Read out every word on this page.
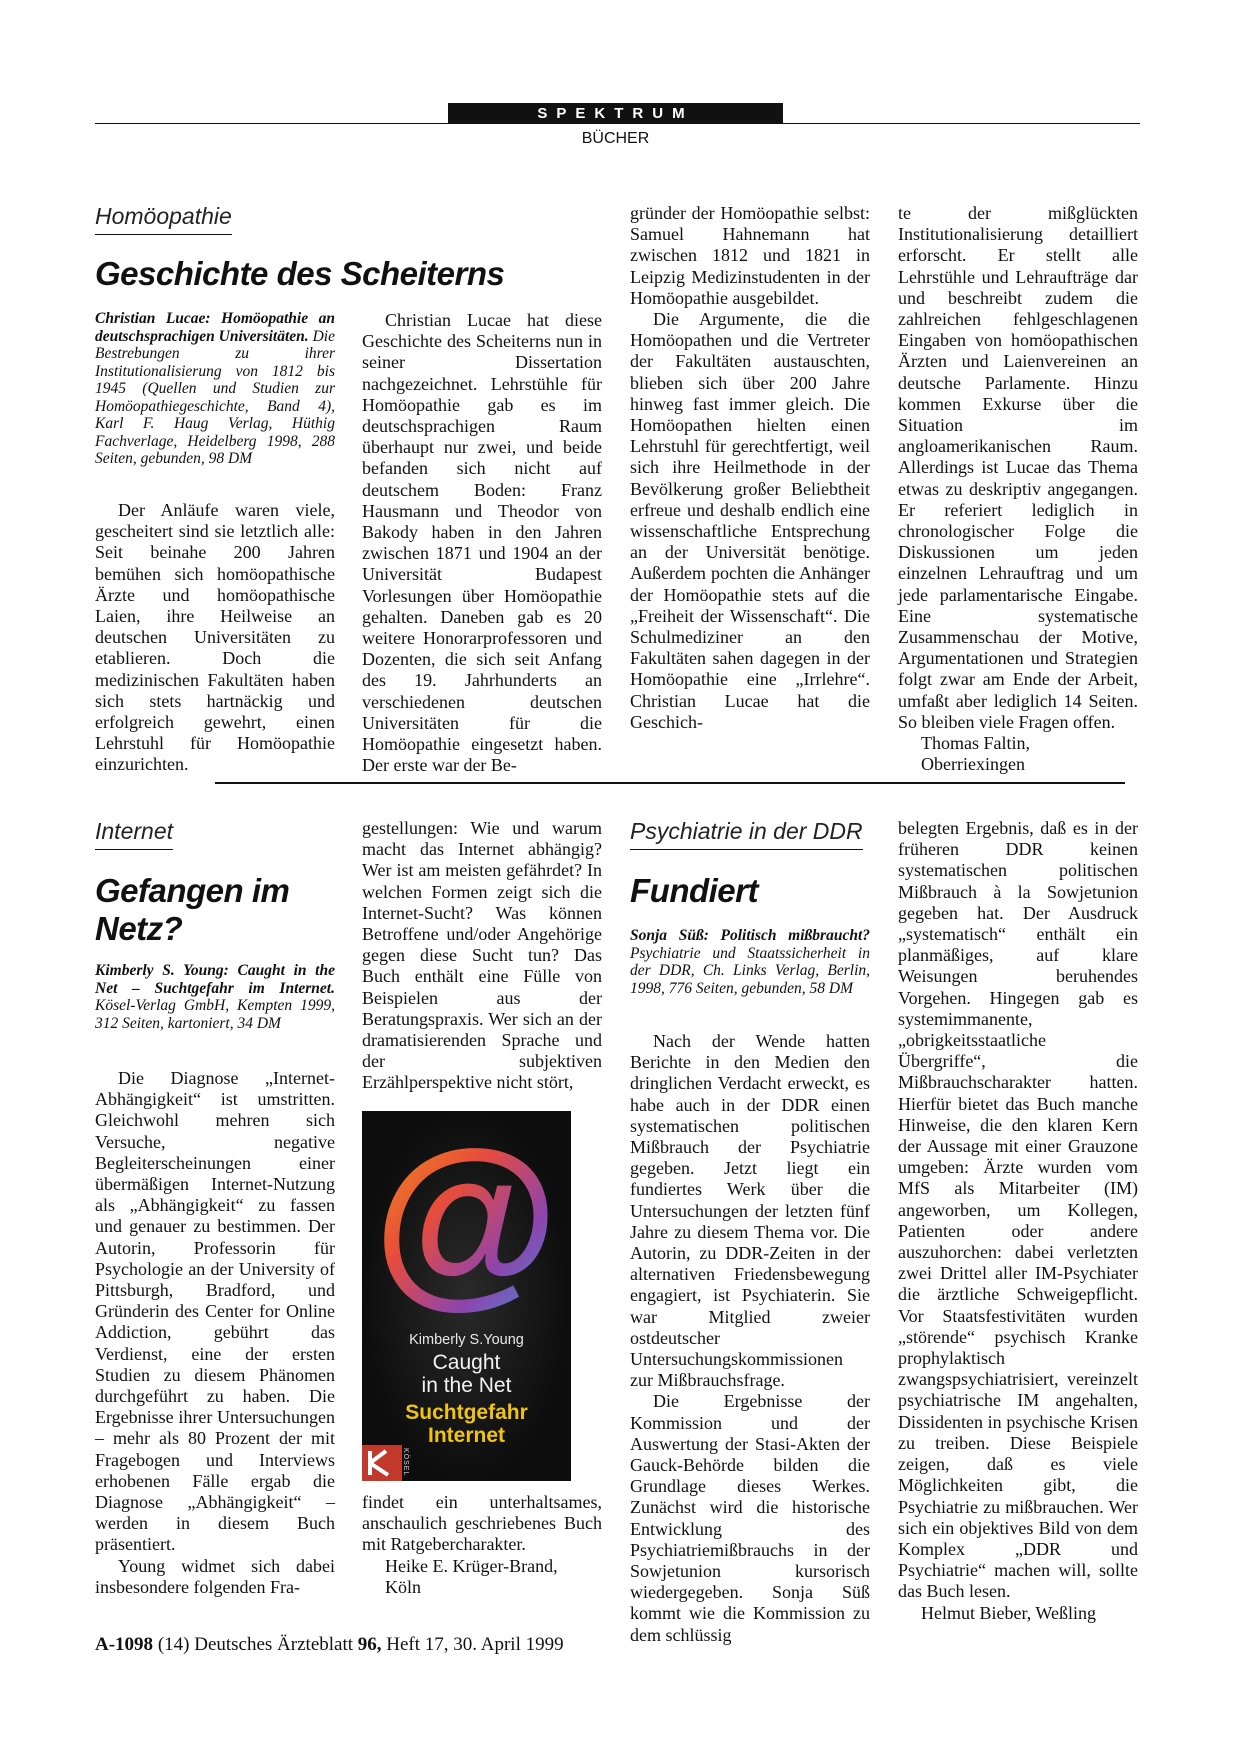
SPEKTRUM
BÜCHER
Homöopathie
Geschichte des Scheiterns
Christian Lucae: Homöopathie an deutschsprachigen Universitäten. Die Bestrebungen zu ihrer Institutionalisierung von 1812 bis 1945 (Quellen und Studien zur Homöopathiegeschichte, Band 4), Karl F. Haug Verlag, Hüthig Fachverlage, Heidelberg 1998, 288 Seiten, gebunden, 98 DM

Der Anläufe waren viele, gescheitert sind sie letztlich alle: Seit beinahe 200 Jahren bemühen sich homöopathische Ärzte und homöopathische Laien, ihre Heilweise an deutschen Universitäten zu etablieren. Doch die medizinischen Fakultäten haben sich stets hartnäckig und erfolgreich gewehrt, einen Lehrstuhl für Homöopathie einzurichten.

Christian Lucae hat diese Geschichte des Scheiterns nun in seiner Dissertation nachgezeichnet. Lehrstühle für Homöopathie gab es im deutschsprachigen Raum überhaupt nur zwei, und beide befanden sich nicht auf deutschem Boden: Franz Hausmann und Theodor von Bakody haben in den Jahren zwischen 1871 und 1904 an der Universität Budapest Vorlesungen über Homöopathie gehalten. Daneben gab es 20 weitere Honorarprofessoren und Dozenten, die sich seit Anfang des 19. Jahrhunderts an verschiedenen deutschen Universitäten für die Homöopathie eingesetzt haben. Der erste war der Be-

gründer der Homöopathie selbst: Samuel Hahnemann hat zwischen 1812 und 1821 in Leipzig Medizinstudenten in der Homöopathie ausgebildet.

Die Argumente, die die Homöopathen und die Vertreter der Fakultäten austauschten, blieben sich über 200 Jahre hinweg fast immer gleich. Die Homöopathen hielten einen Lehrstuhl für gerechtfertigt, weil sich ihre Heilmethode in der Bevölkerung großer Beliebtheit erfreue und deshalb endlich eine wissenschaftliche Entsprechung an der Universität benötige. Außerdem pochten die Anhänger der Homöopathie stets auf die „Freiheit der Wissenschaft“. Die Schulmediziner an den Fakultäten sahen dagegen in der Homöopathie eine „Irrlehre“. Christian Lucae hat die Geschich-

te der mißglückten Institutionalisierung detailliert erforscht. Er stellt alle Lehrstühle und Lehraufträge dar und beschreibt zudem die zahlreichen fehlgeschlagenen Eingaben von homöopathischen Ärzten und Laienvereinen an deutsche Parlamente. Hinzu kommen Exkurse über die Situation im angloamerikanischen Raum. Allerdings ist Lucae das Thema etwas zu deskriptiv angegangen. Er referiert lediglich in chronologischer Folge die Diskussionen um jeden einzelnen Lehrauftrag und um jede parlamentarische Eingabe. Eine systematische Zusammenschau der Motive, Argumentationen und Strategien folgt zwar am Ende der Arbeit, umfaßt aber lediglich 14 Seiten. So bleiben viele Fragen offen.

Thomas Faltin,

Oberriexingen

Internet
Gefangen im
Netz?
Kimberly S. Young: Caught in the Net – Suchtgefahr im Internet. Kösel-Verlag GmbH, Kempten 1999, 312 Seiten, kartoniert, 34 DM

Die Diagnose „Internet-Abhängigkeit“ ist umstritten. Gleichwohl mehren sich Versuche, negative Begleiterscheinungen einer übermäßigen Internet-Nutzung als „Abhängigkeit“ zu fassen und genauer zu bestimmen. Der Autorin, Professorin für Psychologie an der University of Pittsburgh, Bradford, und Gründerin des Center for Online Addiction, gebührt das Verdienst, eine der ersten Studien zu diesem Phänomen durchgeführt zu haben. Die Ergebnisse ihrer Untersuchungen – mehr als 80 Prozent der mit Fragebogen und Interviews erhobenen Fälle ergab die Diagnose „Abhängigkeit“ – werden in diesem Buch präsentiert.

Young widmet sich dabei insbesondere folgenden Fra-

gestellungen: Wie und warum macht das Internet abhängig? Wer ist am meisten gefährdet? In welchen Formen zeigt sich die Internet-Sucht? Was können Betroffene und/oder Angehörige gegen diese Sucht tun? Das Buch enthält eine Fülle von Beispielen aus der Beratungspraxis. Wer sich an der dramatisierenden Sprache und der subjektiven Erzählperspektive nicht stört,

@
Kimberly S.Young
Caught
in the Net
Suchtgefahr
Internet
KÖSEL

findet ein unterhaltsames, anschaulich geschriebenes Buch mit Ratgebercharakter.

Heike E. Krüger-Brand,

Köln

Psychiatrie in der DDR
Fundiert
Sonja Süß: Politisch mißbraucht? Psychiatrie und Staatssicherheit in der DDR, Ch. Links Verlag, Berlin, 1998, 776 Seiten, gebunden, 58 DM

Nach der Wende hatten Berichte in den Medien den dringlichen Verdacht erweckt, es habe auch in der DDR einen systematischen politischen Mißbrauch der Psychiatrie gegeben. Jetzt liegt ein fundiertes Werk über die Untersuchungen der letzten fünf Jahre zu diesem Thema vor. Die Autorin, zu DDR-Zeiten in der alternativen Friedensbewegung engagiert, ist Psychiaterin. Sie war Mitglied zweier ostdeutscher Untersuchungskommissionen zur Mißbrauchsfrage.

Die Ergebnisse der Kommission und der Auswertung der Stasi-Akten der Gauck-Behörde bilden die Grundlage dieses Werkes. Zunächst wird die historische Entwicklung des Psychiatriemißbrauchs in der Sowjetunion kursorisch wiedergegeben. Sonja Süß kommt wie die Kommission zu dem schlüssig

belegten Ergebnis, daß es in der früheren DDR keinen systematischen politischen Mißbrauch à la Sowjetunion gegeben hat. Der Ausdruck „systematisch“ enthält ein planmäßiges, auf klare Weisungen beruhendes Vorgehen. Hingegen gab es systemimmanente, „obrigkeitsstaatliche Übergriffe“, die Mißbrauchscharakter hatten. Hierfür bietet das Buch manche Hinweise, die den klaren Kern der Aussage mit einer Grauzone umgeben: Ärzte wurden vom MfS als Mitarbeiter (IM) angeworben, um Kollegen, Patienten oder andere auszuhorchen: dabei verletzten zwei Drittel aller IM-Psychiater die ärztliche Schweigepflicht. Vor Staatsfestivitäten wurden „störende“ psychisch Kranke prophylaktisch zwangspsychiatrisiert, vereinzelt psychiatrische IM angehalten, Dissidenten in psychische Krisen zu treiben. Diese Beispiele zeigen, daß es viele Möglichkeiten gibt, die Psychiatrie zu mißbrauchen. Wer sich ein objektives Bild von dem Komplex „DDR und Psychiatrie“ machen will, sollte das Buch lesen.

Helmut Bieber, Weßling

A-1098 (14) Deutsches Ärzteblatt 96, Heft 17, 30. April 1999
